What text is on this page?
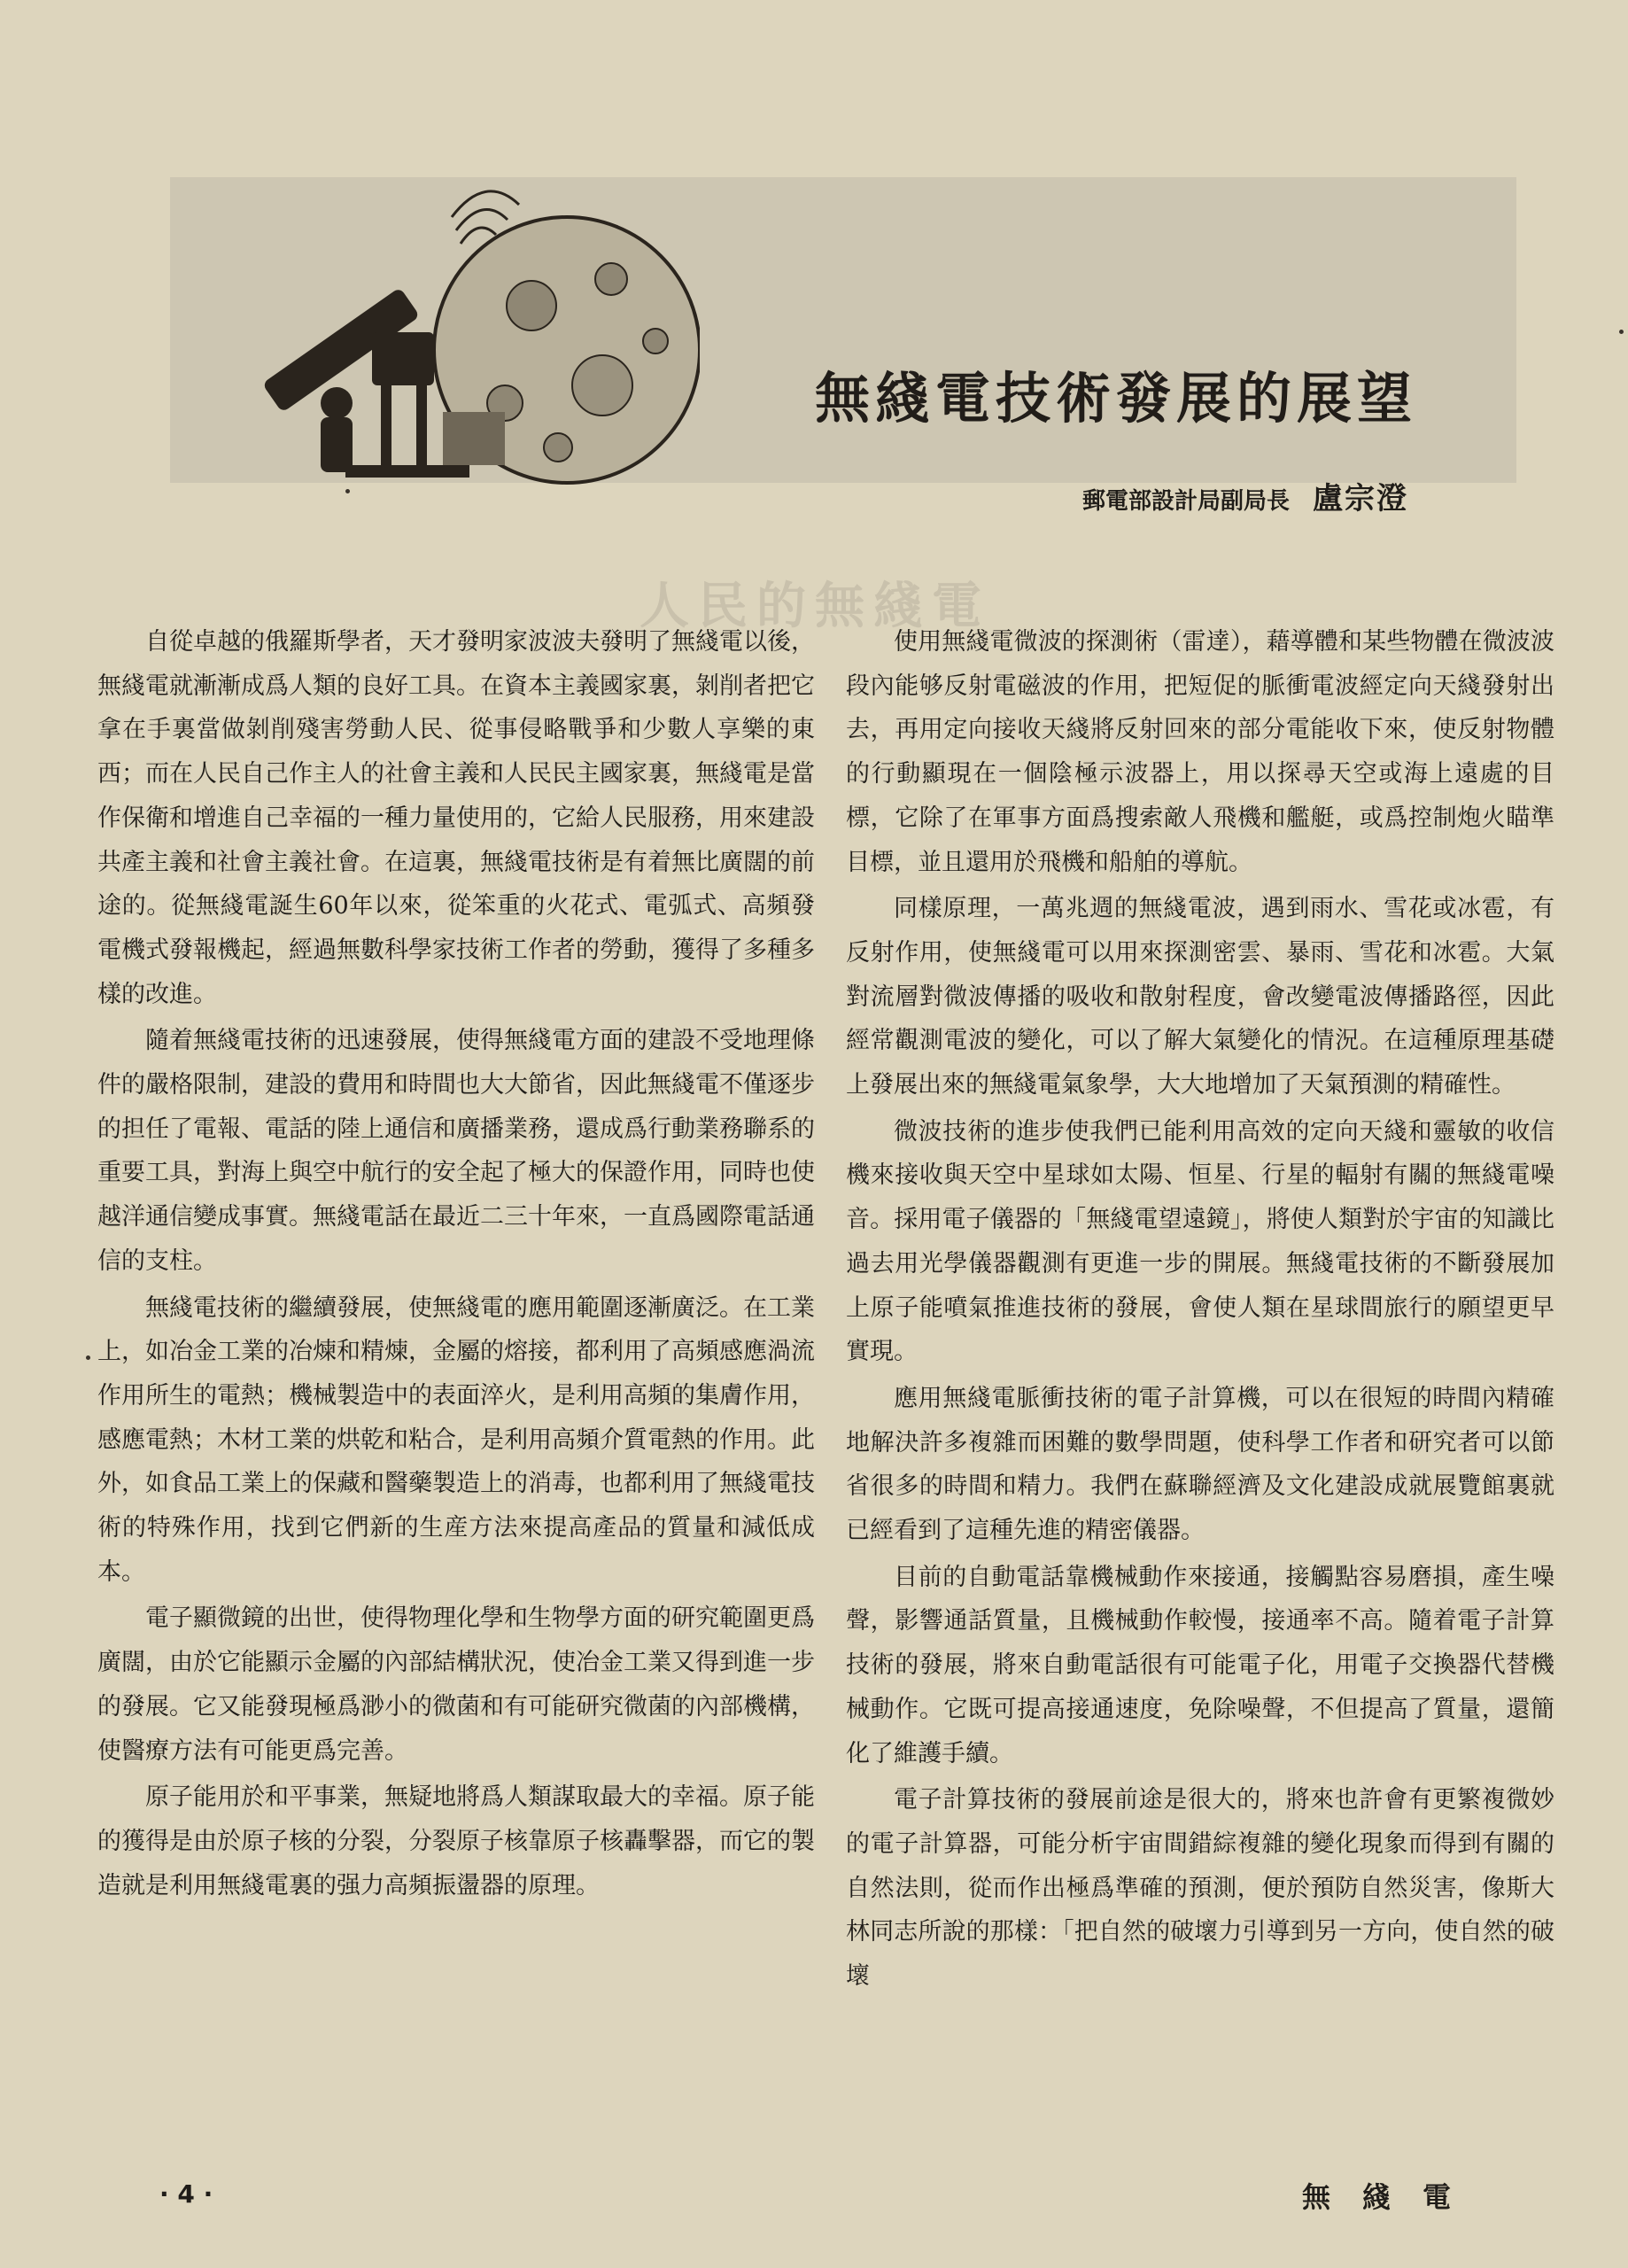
人民的無綫電
無綫電技術發展的展望
郵電部設計局副局長 盧宗澄

自從卓越的俄羅斯學者，天才發明家波波夫發明了無綫電以後，無綫電就漸漸成爲人類的良好工具。在資本主義國家裏，剝削者把它拿在手裏當做剝削殘害勞動人民、從事侵略戰爭和少數人享樂的東西；而在人民自己作主人的社會主義和人民民主國家裏，無綫電是當作保衛和增進自己幸福的一種力量使用的，它給人民服務，用來建設共產主義和社會主義社會。在這裏，無綫電技術是有着無比廣闊的前途的。從無綫電誕生60年以來，從笨重的火花式、電弧式、高頻發電機式發報機起，經過無數科學家技術工作者的勞動，獲得了多種多樣的改進。

隨着無綫電技術的迅速發展，使得無綫電方面的建設不受地理條件的嚴格限制，建設的費用和時間也大大節省，因此無綫電不僅逐步的担任了電報、電話的陸上通信和廣播業務，還成爲行動業務聯系的重要工具，對海上與空中航行的安全起了極大的保證作用，同時也使越洋通信變成事實。無綫電話在最近二三十年來，一直爲國際電話通信的支柱。

無綫電技術的繼續發展，使無綫電的應用範圍逐漸廣泛。在工業上，如冶金工業的冶煉和精煉，金屬的熔接，都利用了高頻感應渦流作用所生的電熱；機械製造中的表面淬火，是利用高頻的集膚作用，感應電熱；木材工業的烘乾和粘合，是利用高頻介質電熱的作用。此外，如食品工業上的保藏和醫藥製造上的消毒，也都利用了無綫電技術的特殊作用，找到它們新的生産方法來提高產品的質量和減低成本。

電子顯微鏡的出世，使得物理化學和生物學方面的研究範圍更爲廣闊，由於它能顯示金屬的內部結構狀況，使冶金工業又得到進一步的發展。它又能發現極爲渺小的微菌和有可能研究微菌的內部機構，使醫療方法有可能更爲完善。

原子能用於和平事業，無疑地將爲人類謀取最大的幸福。原子能的獲得是由於原子核的分裂，分裂原子核靠原子核轟擊器，而它的製造就是利用無綫電裏的强力高頻振盪器的原理。

使用無綫電微波的探測術（雷達），藉導體和某些物體在微波波段內能够反射電磁波的作用，把短促的脈衝電波經定向天綫發射出去，再用定向接收天綫將反射回來的部分電能收下來，使反射物體的行動顯現在一個陰極示波器上，用以探尋天空或海上遠處的目標，它除了在軍事方面爲搜索敵人飛機和艦艇，或爲控制炮火瞄準目標，並且還用於飛機和船舶的導航。

同樣原理，一萬兆週的無綫電波，遇到雨水、雪花或冰雹，有反射作用，使無綫電可以用來探測密雲、暴雨、雪花和冰雹。大氣對流層對微波傳播的吸收和散射程度，會改變電波傳播路徑，因此經常觀測電波的變化，可以了解大氣變化的情況。在這種原理基礎上發展出來的無綫電氣象學，大大地增加了天氣預測的精確性。

微波技術的進步使我們已能利用高效的定向天綫和靈敏的收信機來接收與天空中星球如太陽、恒星、行星的輻射有關的無綫電噪音。採用電子儀器的「無綫電望遠鏡」，將使人類對於宇宙的知識比過去用光學儀器觀測有更進一步的開展。無綫電技術的不斷發展加上原子能噴氣推進技術的發展，會使人類在星球間旅行的願望更早實現。

應用無綫電脈衝技術的電子計算機，可以在很短的時間內精確地解決許多複雜而困難的數學問題，使科學工作者和研究者可以節省很多的時間和精力。我們在蘇聯經濟及文化建設成就展覽館裏就已經看到了這種先進的精密儀器。

目前的自動電話靠機械動作來接通，接觸點容易磨損，產生噪聲，影響通話質量，且機械動作較慢，接通率不高。隨着電子計算技術的發展，將來自動電話很有可能電子化，用電子交換器代替機械動作。它既可提高接通速度，免除噪聲，不但提高了質量，還簡化了維護手續。

電子計算技術的發展前途是很大的，將來也許會有更繁複微妙的電子計算器，可能分析宇宙間錯綜複雜的變化現象而得到有關的自然法則，從而作出極爲準確的預測，便於預防自然災害，像斯大林同志所說的那樣：「把自然的破壞力引導到另一方向，使自然的破壞

· 4 ·	無綫電
